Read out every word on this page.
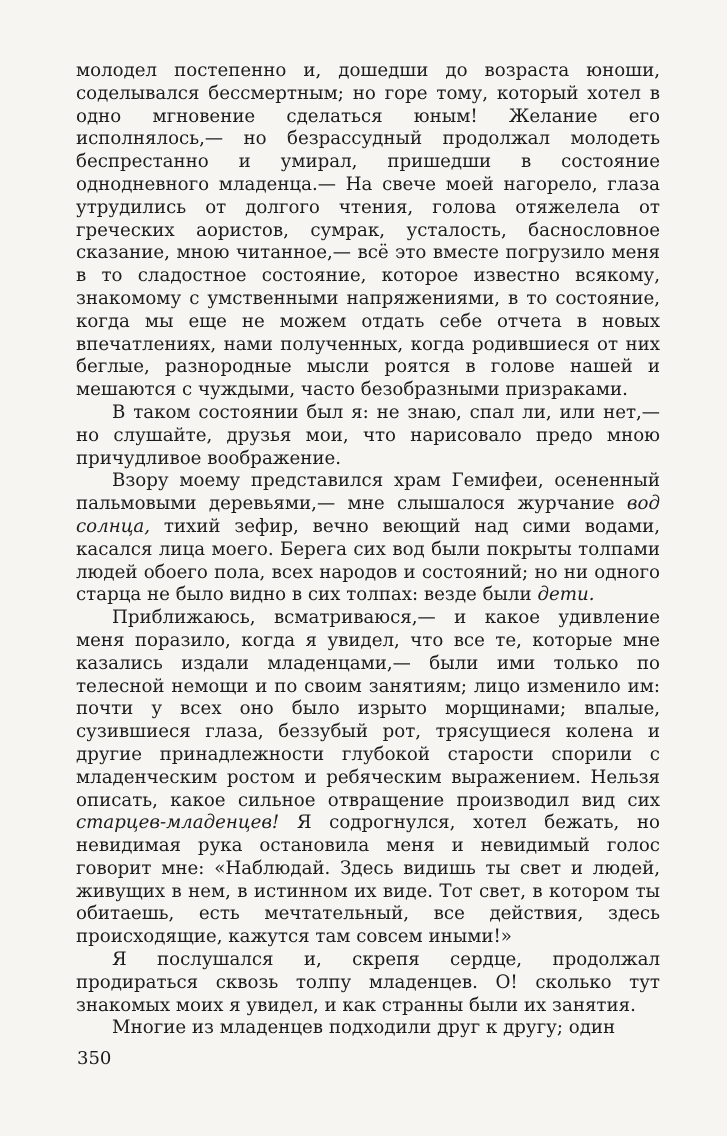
молодел постепенно и, дошедши до возраста юноши, соделывался бессмертным; но горе тому, который хотел в одно мгновение сделаться юным! Желание его исполнялось,— но безрассудный продолжал молодеть беспрестанно и умирал, пришедши в состояние однодневного младенца.— На свече моей нагорело, глаза утрудились от долгого чтения, голова отяжелела от греческих аористов, сумрак, усталость, баснословное сказание, мною читанное,— всё это вместе погрузило меня в то сладостное состояние, которое известно всякому, знакомому с умственными напряжениями, в то состояние, когда мы еще не можем отдать себе отчета в новых впечатлениях, нами полученных, когда родившиеся от них беглые, разнородные мысли роятся в голове нашей и мешаются с чуждыми, часто безобразными призраками.

В таком состоянии был я: не знаю, спал ли, или нет,— но слушайте, друзья мои, что нарисовало предо мною причудливое воображение.

Взору моему представился храм Гемифеи, осененный пальмовыми деревьями,— мне слышалося журчание вод солнца, тихий зефир, вечно веющий над сими водами, касался лица моего. Берега сих вод были покрыты толпами людей обоего пола, всех народов и состояний; но ни одного старца не было видно в сих толпах: везде были дети.

Приближаюсь, всматриваюся,— и какое удивление меня поразило, когда я увидел, что все те, которые мне казались издали младенцами,— были ими только по телесной немощи и по своим занятиям; лицо изменило им: почти у всех оно было изрыто морщинами; впалые, сузившиеся глаза, беззубый рот, трясущиеся колена и другие принадлежности глубокой старости спорили с младенческим ростом и ребяческим выражением. Нельзя описать, какое сильное отвращение производил вид сих старцев-младенцев! Я содрогнулся, хотел бежать, но невидимая рука остановила меня и невидимый голос говорит мне: «Наблюдай. Здесь видишь ты свет и людей, живущих в нем, в истинном их виде. Тот свет, в котором ты обитаешь, есть мечтательный, все действия, здесь происходящие, кажутся там совсем иными!»

Я послушался и, скрепя сердце, продолжал продираться сквозь толпу младенцев. О! сколько тут знакомых моих я увидел, и как странны были их занятия.

Многие из младенцев подходили друг к другу; один

350
